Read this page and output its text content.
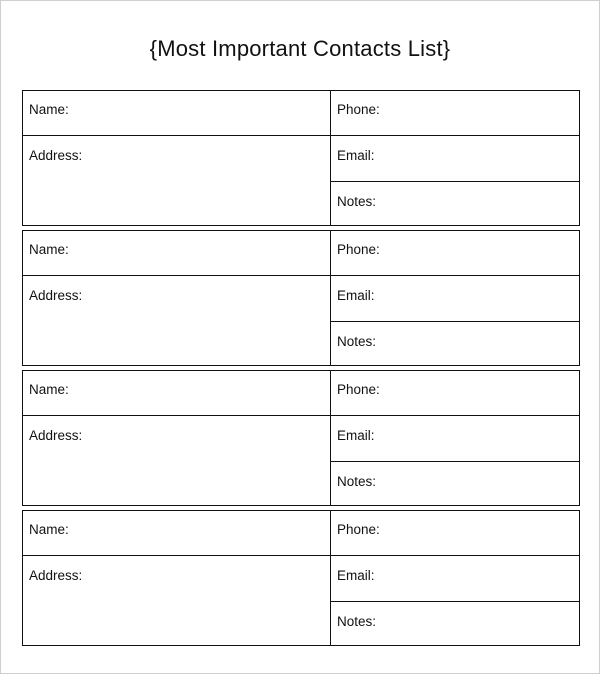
{Most Important Contacts List}
Name:	Phone:
Address:	Email:
Notes:
Name:	Phone:
Address:	Email:
Notes:
Name:	Phone:
Address:	Email:
Notes:
Name:	Phone:
Address:	Email:
Notes:
